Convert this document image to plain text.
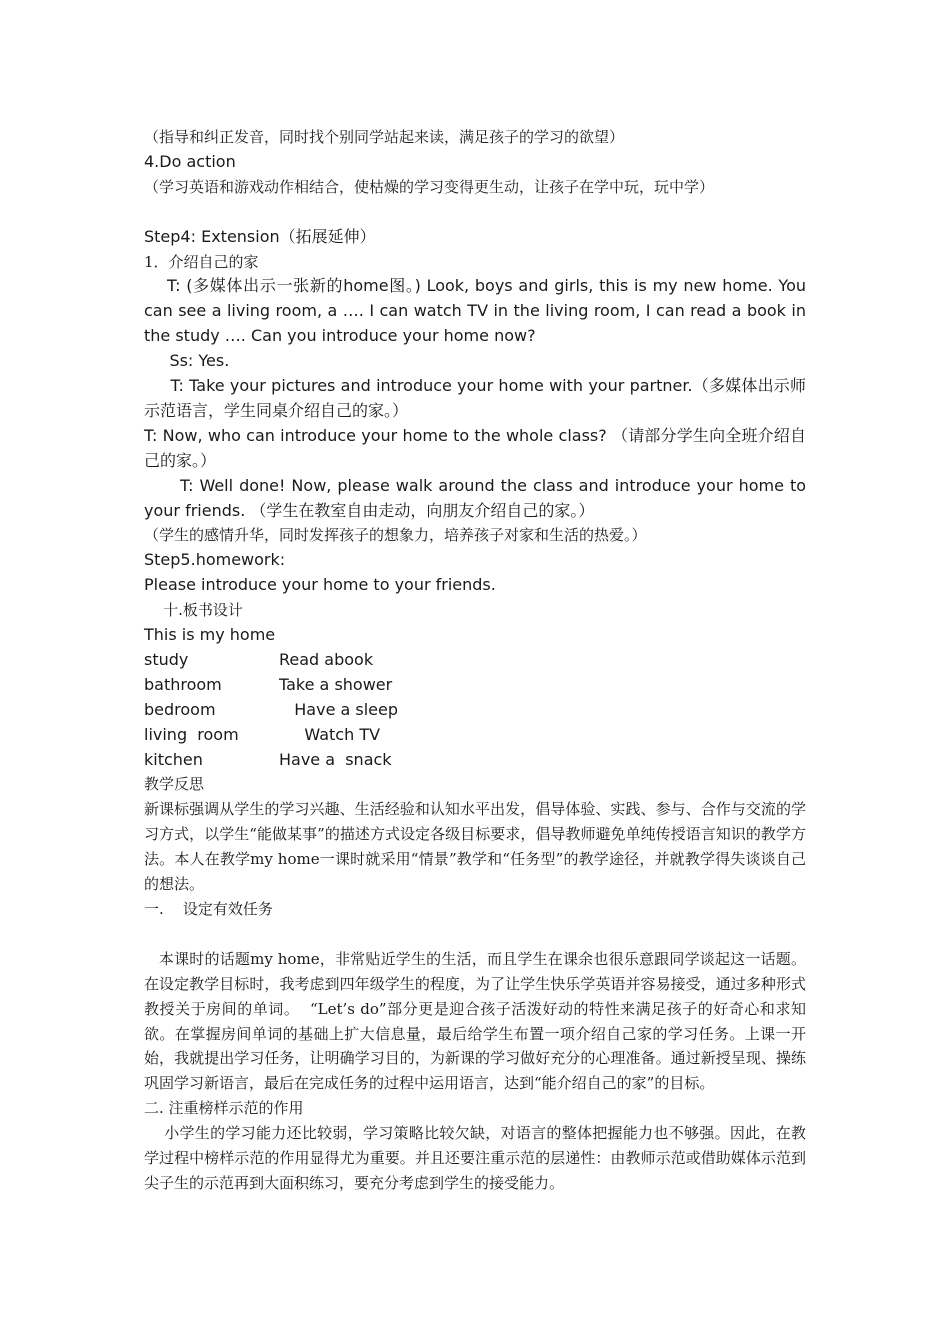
（指导和纠正发音，同时找个别同学站起来读，满足孩子的学习的欲望）
4.Do action
（学习英语和游戏动作相结合，使枯燥的学习变得更生动，让孩子在学中玩，玩中学）
Step4: Extension（拓展延伸）
1．介绍自己的家
T: (多媒体出示一张新的home图。) Look, boys and girls, this is my new home. You can see a living room, a …. I can watch TV in the living room, I can read a book in the study …. Can you introduce your home now?
Ss: Yes.
T: Take your pictures and introduce your home with your partner.（多媒体出示师示范语言，学生同桌介绍自己的家。）
T: Now, who can introduce your home to the whole class? （请部分学生向全班介绍自己的家。）
T: Well done! Now, please walk around the class and introduce your home to your friends. （学生在教室自由走动，向朋友介绍自己的家。）
（学生的感情升华，同时发挥孩子的想象力，培养孩子对家和生活的热爱。）
Step5.homework:
Please introduce your home to your friends.
十.板书设计
This is my home
study	Read abook
bathroom	Take a shower
bedroom	Have a sleep
living  room	Watch TV
kitchen	Have a  snack
教学反思
新课标强调从学生的学习兴趣、生活经验和认知水平出发，倡导体验、实践、参与、合作与交流的学习方式，以学生“能做某事”的描述方式设定各级目标要求，倡导教师避免单纯传授语言知识的教学方法。本人在教学my home一课时就采用“情景”教学和“任务型”的教学途径，并就教学得失谈谈自己的想法。
一.    设定有效任务
本课时的话题my home，非常贴近学生的生活，而且学生在课余也很乐意跟同学谈起这一话题。在设定教学目标时，我考虑到四年级学生的程度，为了让学生快乐学英语并容易接受，通过多种形式教授关于房间的单词。  “Let’s do”部分更是迎合孩子活泼好动的特性来满足孩子的好奇心和求知欲。在掌握房间单词的基础上扩大信息量，最后给学生布置一项介绍自己家的学习任务。上课一开始，我就提出学习任务，让明确学习目的，为新课的学习做好充分的心理准备。通过新授呈现、操练巩固学习新语言，最后在完成任务的过程中运用语言，达到“能介绍自己的家”的目标。
二. 注重榜样示范的作用
小学生的学习能力还比较弱，学习策略比较欠缺，对语言的整体把握能力也不够强。因此，在教学过程中榜样示范的作用显得尤为重要。并且还要注重示范的层递性：由教师示范或借助媒体示范到尖子生的示范再到大面积练习，要充分考虑到学生的接受能力。
